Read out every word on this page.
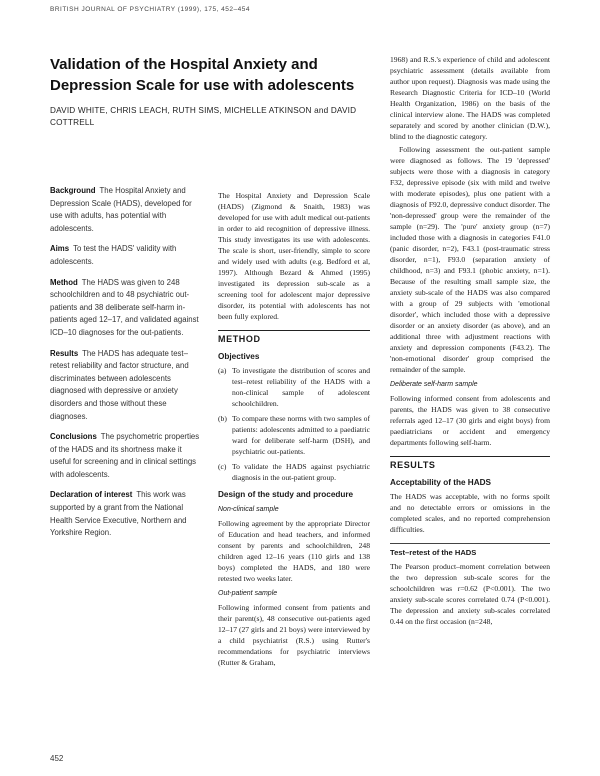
BRITISH JOURNAL OF PSYCHIATRY (1999), 175, 452–454
Validation of the Hospital Anxiety and Depression Scale for use with adolescents
DAVID WHITE, CHRIS LEACH, RUTH SIMS, MICHELLE ATKINSON and DAVID COTTRELL

Background The Hospital Anxiety and Depression Scale (HADS), developed for use with adults, has potential with adolescents.

Aims To test the HADS' validity with adolescents.

Method The HADS was given to 248 schoolchildren and to 48 psychiatric out-patients and 38 deliberate self-harm in-patients aged 12–17, and validated against ICD–10 diagnoses for the out-patients.

Results The HADS has adequate test–retest reliability and factor structure, and discriminates between adolescents diagnosed with depressive or anxiety disorders and those without these diagnoses.

Conclusions The psychometric properties of the HADS and its shortness make it useful for screening and in clinical settings with adolescents.

Declaration of interest This work was supported by a grant from the National Health Service Executive, Northern and Yorkshire Region.

The Hospital Anxiety and Depression Scale (HADS) (Zigmond & Snaith, 1983) was developed for use with adult medical out-patients in order to aid recognition of depressive illness. This study investigates its use with adolescents. The scale is short, user-friendly, simple to score and widely used with adults (e.g. Bedford et al, 1997). Although Bezard & Ahmed (1995) investigated its depression sub-scale as a screening tool for adolescent major depressive disorder, its potential with adolescents has not been fully explored.

METHOD
Objectives
(a) To investigate the distribution of scores and test–retest reliability of the HADS with a non-clinical sample of adolescent schoolchildren.
(b) To compare these norms with two samples of patients: adolescents admitted to a paediatric ward for deliberate self-harm (DSH), and psychiatric out-patients.
(c) To validate the HADS against psychiatric diagnosis in the out-patient group.
Design of the study and procedure
Non-clinical sample

Following agreement by the appropriate Director of Education and head teachers, and informed consent by parents and schoolchildren, 248 children aged 12–16 years (110 girls and 138 boys) completed the HADS, and 180 were retested two weeks later.

Out-patient sample

Following informed consent from patients and their parent(s), 48 consecutive out-patients aged 12–17 (27 girls and 21 boys) were interviewed by a child psychiatrist (R.S.) using Rutter's recommendations for psychiatric interviews (Rutter & Graham,

1968) and R.S.'s experience of child and adolescent psychiatric assessment (details available from author upon request). Diagnosis was made using the Research Diagnostic Criteria for ICD–10 (World Health Organization, 1986) on the basis of the clinical interview alone. The HADS was completed separately and scored by another clinician (D.W.), blind to the diagnostic category.

Following assessment the out-patient sample were diagnosed as follows. The 19 'depressed' subjects were those with a diagnosis in category F32, depressive episode (six with mild and twelve with moderate episodes), plus one patient with a diagnosis of F92.0, depressive conduct disorder. The 'non-depressed' group were the remainder of the sample (n=29). The 'pure' anxiety group (n=7) included those with a diagnosis in categories F41.0 (panic disorder, n=2), F43.1 (post-traumatic stress disorder, n=1), F93.0 (separation anxiety of childhood, n=3) and F93.1 (phobic anxiety, n=1). Because of the resulting small sample size, the anxiety sub-scale of the HADS was also compared with a group of 29 subjects with 'emotional disorder', which included those with a depressive disorder or an anxiety disorder (as above), and an additional three with adjustment reactions with anxiety and depression components (F43.2). The 'non-emotional disorder' group comprised the remainder of the sample.

Deliberate self-harm sample

Following informed consent from adolescents and parents, the HADS was given to 38 consecutive referrals aged 12–17 (30 girls and eight boys) from paediatricians or accident and emergency departments following self-harm.

RESULTS
Acceptability of the HADS

The HADS was acceptable, with no forms spoilt and no detectable errors or omissions in the completed scales, and no reported comprehension difficulties.

Test–retest of the HADS

The Pearson product–moment correlation between the two depression sub-scale scores for the schoolchildren was r=0.62 (P<0.001). The two anxiety sub-scale scores correlated 0.74 (P<0.001). The depression and anxiety sub-scales correlated 0.44 on the first occasion (n=248,

452
